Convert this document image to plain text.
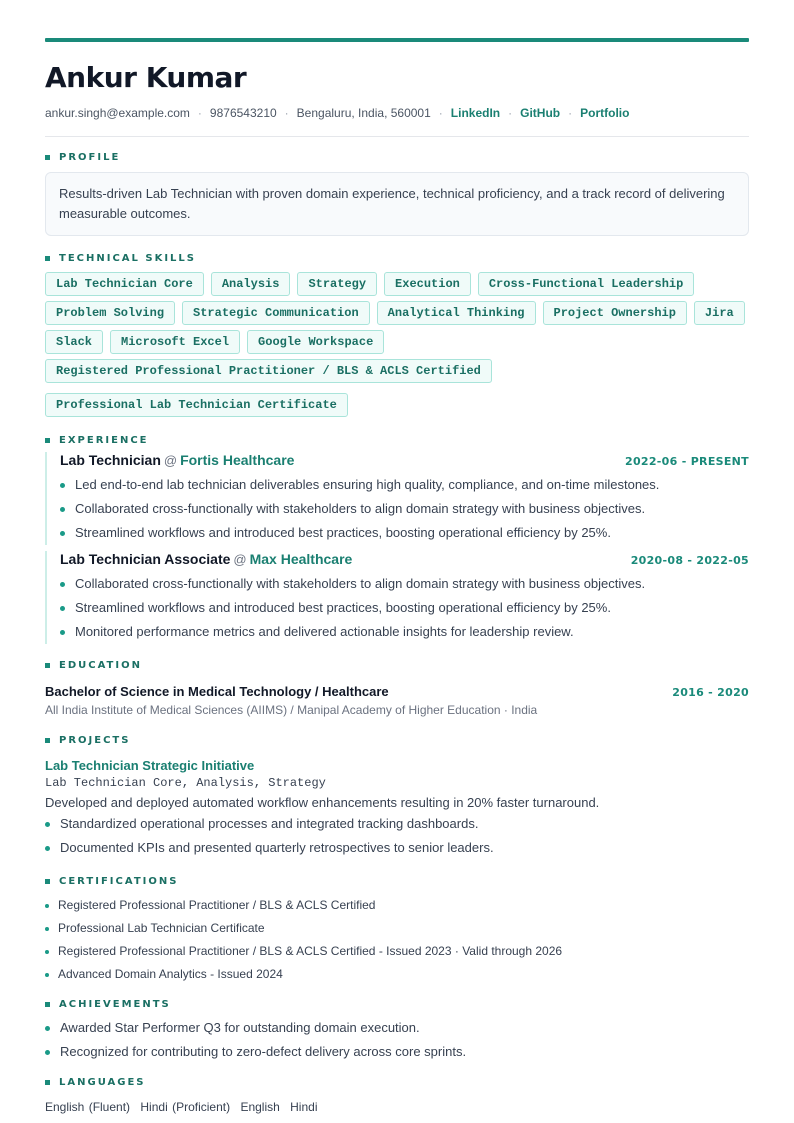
Ankur Kumar
ankur.singh@example.com · 9876543210 · Bengaluru, India, 560001 · LinkedIn · GitHub · Portfolio
PROFILE
Results-driven Lab Technician with proven domain experience, technical proficiency, and a track record of delivering measurable outcomes.
TECHNICAL SKILLS
Lab Technician Core	Analysis	Strategy	Execution	Cross-Functional Leadership
Problem Solving	Strategic Communication	Analytical Thinking	Project Ownership	Jira
Slack	Microsoft Excel	Google Workspace
Registered Professional Practitioner / BLS & ACLS Certified
Professional Lab Technician Certificate
EXPERIENCE
Lab Technician @ Fortis Healthcare	2022-06 - PRESENT
Led end-to-end lab technician deliverables ensuring high quality, compliance, and on-time milestones.
Collaborated cross-functionally with stakeholders to align domain strategy with business objectives.
Streamlined workflows and introduced best practices, boosting operational efficiency by 25%.
Lab Technician Associate @ Max Healthcare	2020-08 - 2022-05
Collaborated cross-functionally with stakeholders to align domain strategy with business objectives.
Streamlined workflows and introduced best practices, boosting operational efficiency by 25%.
Monitored performance metrics and delivered actionable insights for leadership review.
EDUCATION
Bachelor of Science in Medical Technology / Healthcare	2016 - 2020
All India Institute of Medical Sciences (AIIMS) / Manipal Academy of Higher Education · India
PROJECTS
Lab Technician Strategic Initiative
Lab Technician Core, Analysis, Strategy
Developed and deployed automated workflow enhancements resulting in 20% faster turnaround.
Standardized operational processes and integrated tracking dashboards.
Documented KPIs and presented quarterly retrospectives to senior leaders.
CERTIFICATIONS
Registered Professional Practitioner / BLS & ACLS Certified
Professional Lab Technician Certificate
Registered Professional Practitioner / BLS & ACLS Certified - Issued 2023 · Valid through 2026
Advanced Domain Analytics - Issued 2024
ACHIEVEMENTS
Awarded Star Performer Q3 for outstanding domain execution.
Recognized for contributing to zero-defect delivery across core sprints.
LANGUAGES
English (Fluent) Hindi (Proficient) English Hindi
